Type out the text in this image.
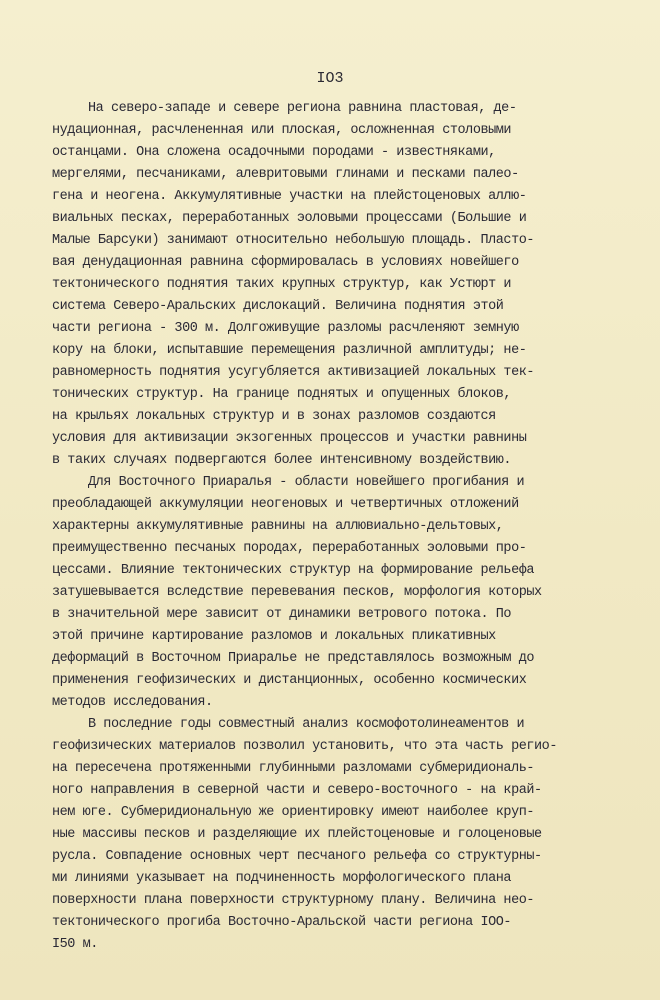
IO3
На северо-западе и севере региона равнина пластовая, де-
нудационная, расчлененная или плоская, осложненная столовыми
останцами. Она сложена осадочными породами - известняками,
мергелями, песчаниками, алевритовыми глинами и песками палео-
гена и неогена. Аккумулятивные участки на плейстоценовых аллю-
виальных песках, переработанных эоловыми процессами (Большие и
Малые Барсуки) занимают относительно небольшую площадь. Пласто-
вая денудационная равнина сформировалась в условиях новейшего
тектонического поднятия таких крупных структур, как Устюрт и
система Северо-Аральских дислокаций. Величина поднятия этой
части региона - 300 м. Долгоживущие разломы расчленяют земную
кору на блоки, испытавшие перемещения различной амплитуды; не-
равномерность поднятия усугубляется активизацией локальных тек-
тонических структур. На границе поднятых и опущенных блоков,
на крыльях локальных структур и в зонах разломов создаются
условия для активизации экзогенных процессов и участки равнины
в таких случаях подвергаются более интенсивному воздействию.
Для Восточного Приаралья - области новейшего прогибания и
преобладающей аккумуляции неогеновых и четвертичных отложений
характерны аккумулятивные равнины на аллювиально-дельтовых,
преимущественно песчаных породах, переработанных эоловыми про-
цессами. Влияние тектонических структур на формирование рельефа
затушевывается вследствие перевевания песков, морфология которых
в значительной мере зависит от динамики ветрового потока. По
этой причине картирование разломов и локальных пликативных
деформаций в Восточном Приаралье не представлялось возможным до
применения геофизических и дистанционных, особенно космических
методов исследования.
В последние годы совместный анализ космофотолинеаментов и
геофизических материалов позволил установить, что эта часть регио-
на пересечена протяженными глубинными разломами субмеридиональ-
ного направления в северной части и северо-восточного - на край-
нем юге. Субмеридиональную же ориентировку имеют наиболее круп-
ные массивы песков и разделяющие их плейстоценовые и голоценовые
русла. Совпадение основных черт песчаного рельефа со структурны-
ми линиями указывает на подчиненность морфологического плана
поверхности плана поверхности структурному плану. Величина нео-
тектонического прогиба Восточно-Аральской части региона IOO-
I50 м.
